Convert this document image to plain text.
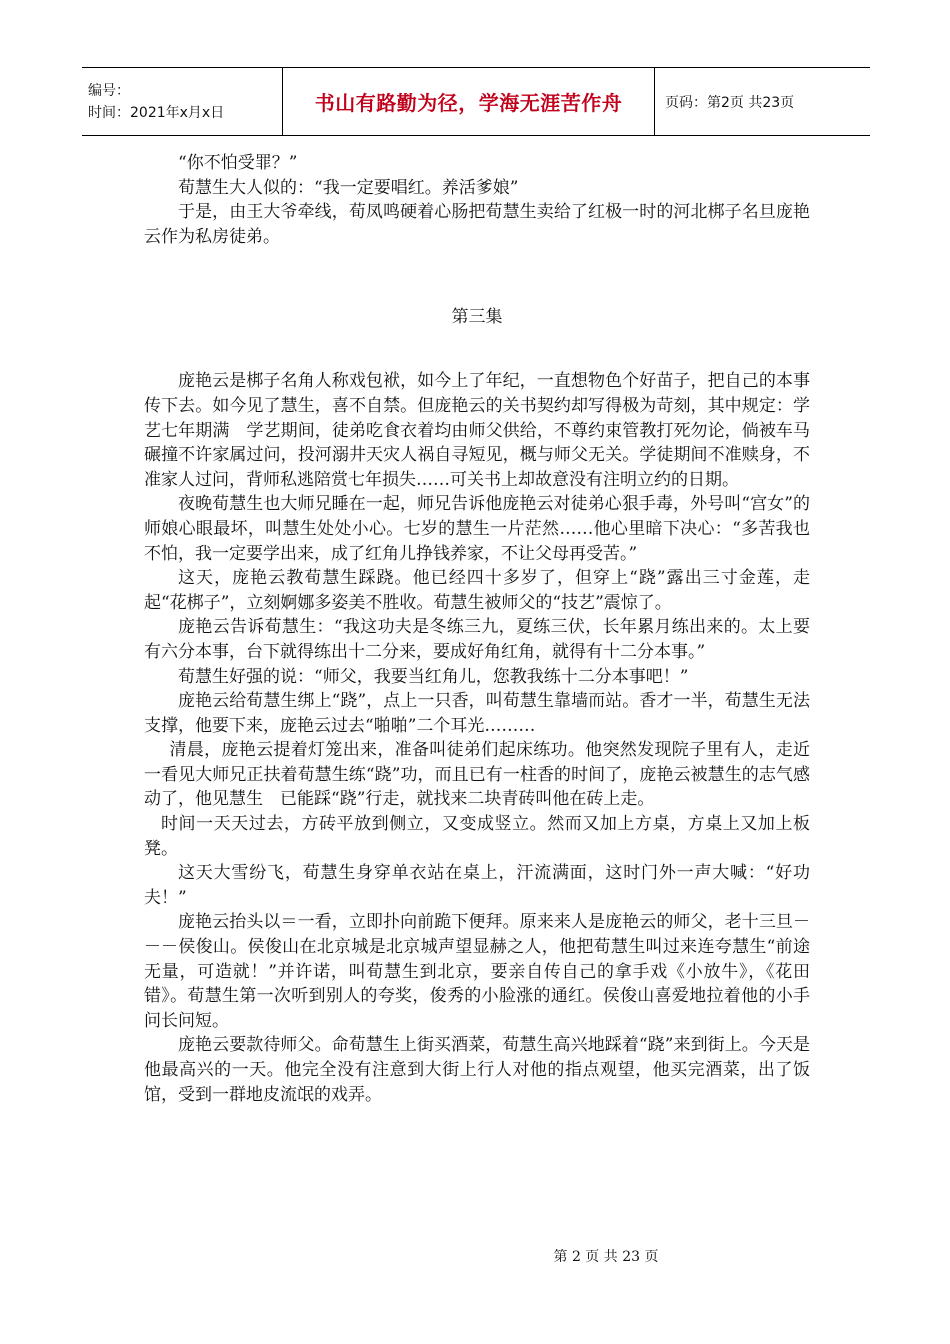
编号：
时间：2021年x月x日	书山有路勤为径，学海无涯苦作舟	页码：第2页 共23页

“你不怕受罪？”

荀慧生大人似的：“我一定要唱红。养活爹娘”

于是，由王大爷牵线，荀凤鸣硬着心肠把荀慧生卖给了红极一时的河北梆子名旦庞艳云作为私房徒弟。

第三集

庞艳云是梆子名角人称戏包袱，如今上了年纪，一直想物色个好苗子，把自己的本事传下去。如今见了慧生，喜不自禁。但庞艳云的关书契约却写得极为苛刻，其中规定：学艺七年期满　学艺期间，徒弟吃食衣着均由师父供给，不尊约束管教打死勿论，倘被车马碾撞不许家属过问，投河溺井天灾人祸自寻短见，概与师父无关。学徒期间不准赎身，不准家人过问，背师私逃陪赏七年损失……可关书上却故意没有注明立约的日期。

夜晚荀慧生也大师兄睡在一起，师兄告诉他庞艳云对徒弟心狠手毒，外号叫“宫女”的师娘心眼最坏，叫慧生处处小心。七岁的慧生一片茫然……他心里暗下决心：“多苦我也不怕，我一定要学出来，成了红角儿挣钱养家，不让父母再受苦。”

这天，庞艳云教荀慧生踩跷。他已经四十多岁了，但穿上“跷”露出三寸金莲，走起“花梆子”，立刻婀娜多姿美不胜收。荀慧生被师父的“技艺”震惊了。

庞艳云告诉荀慧生：“我这功夫是冬练三九，夏练三伏，长年累月练出来的。太上要有六分本事，台下就得练出十二分来，要成好角红角，就得有十二分本事。”

荀慧生好强的说：“师父，我要当红角儿，您教我练十二分本事吧！”

庞艳云给荀慧生绑上“跷”，点上一只香，叫荀慧生靠墙而站。香才一半，荀慧生无法支撑，他要下来，庞艳云过去“啪啪”二个耳光………

清晨，庞艳云提着灯笼出来，准备叫徒弟们起床练功。他突然发现院子里有人，走近一看见大师兄正扶着荀慧生练“跷”功，而且已有一柱香的时间了，庞艳云被慧生的志气感动了，他见慧生　已能踩“跷”行走，就找来二块青砖叫他在砖上走。

时间一天天过去，方砖平放到侧立，又变成竖立。然而又加上方桌，方桌上又加上板凳。

这天大雪纷飞，荀慧生身穿单衣站在桌上，汗流满面，这时门外一声大喊：“好功夫！”

庞艳云抬头以＝一看，立即扑向前跪下便拜。原来来人是庞艳云的师父，老十三旦－－－侯俊山。侯俊山在北京城是北京城声望显赫之人，他把荀慧生叫过来连夸慧生“前途无量，可造就！”并许诺，叫荀慧生到北京，要亲自传自己的拿手戏《小放牛》，《花田错》。荀慧生第一次听到别人的夸奖，俊秀的小脸涨的通红。侯俊山喜爱地拉着他的小手问长问短。

庞艳云要款待师父。命荀慧生上街买酒菜，荀慧生高兴地踩着“跷”来到街上。今天是他最高兴的一天。他完全没有注意到大街上行人对他的指点观望，他买完酒菜，出了饭馆，受到一群地皮流氓的戏弄。

第 2 页 共 23 页
